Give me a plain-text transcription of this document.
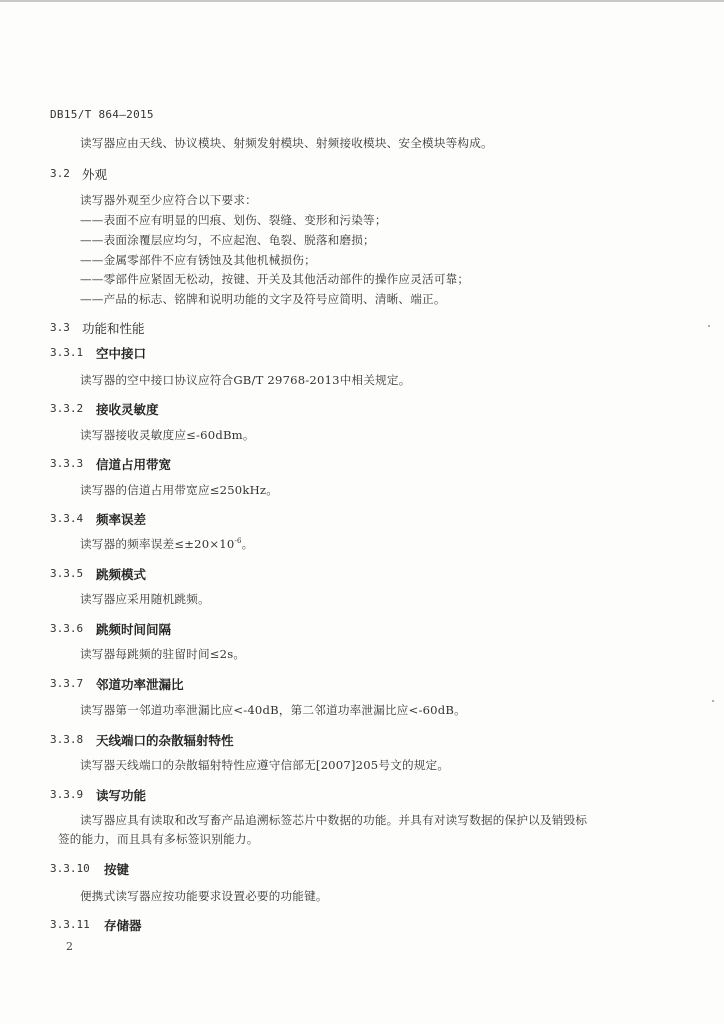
DB15/T 864—2015

读写器应由天线、协议模块、射频发射模块、射频接收模块、安全模块等构成。

3.2 外观

读写器外观至少应符合以下要求：

——表面不应有明显的凹痕、划伤、裂缝、变形和污染等；

——表面涂覆层应均匀，不应起泡、龟裂、脱落和磨损；

——金属零部件不应有锈蚀及其他机械损伤；

——零部件应紧固无松动，按键、开关及其他活动部件的操作应灵活可靠；

——产品的标志、铭牌和说明功能的文字及符号应简明、清晰、端正。

3.3 功能和性能
3.3.1 空中接口

读写器的空中接口协议应符合GB/T 29768-2013中相关规定。

3.3.2 接收灵敏度

读写器接收灵敏度应≤-60dBm。

3.3.3 信道占用带宽

读写器的信道占用带宽应≤250kHz。

3.3.4 频率误差

读写器的频率误差$\le\pm 20\times 10^{-6}$。

3.3.5 跳频模式

读写器应采用随机跳频。

3.3.6 跳频时间间隔

读写器每跳频的驻留时间≤2s。

3.3.7 邻道功率泄漏比

读写器第一邻道功率泄漏比应<-40dB，第二邻道功率泄漏比应<-60dB。

3.3.8 天线端口的杂散辐射特性

读写器天线端口的杂散辐射特性应遵守信部无[2007]205号文的规定。

3.3.9 读写功能

读写器应具有读取和改写畜产品追溯标签芯片中数据的功能。并具有对读写数据的保护以及销毁标

签的能力，而且具有多标签识别能力。

3.3.10 按键

便携式读写器应按功能要求设置必要的功能键。

3.3.11 存储器

2
